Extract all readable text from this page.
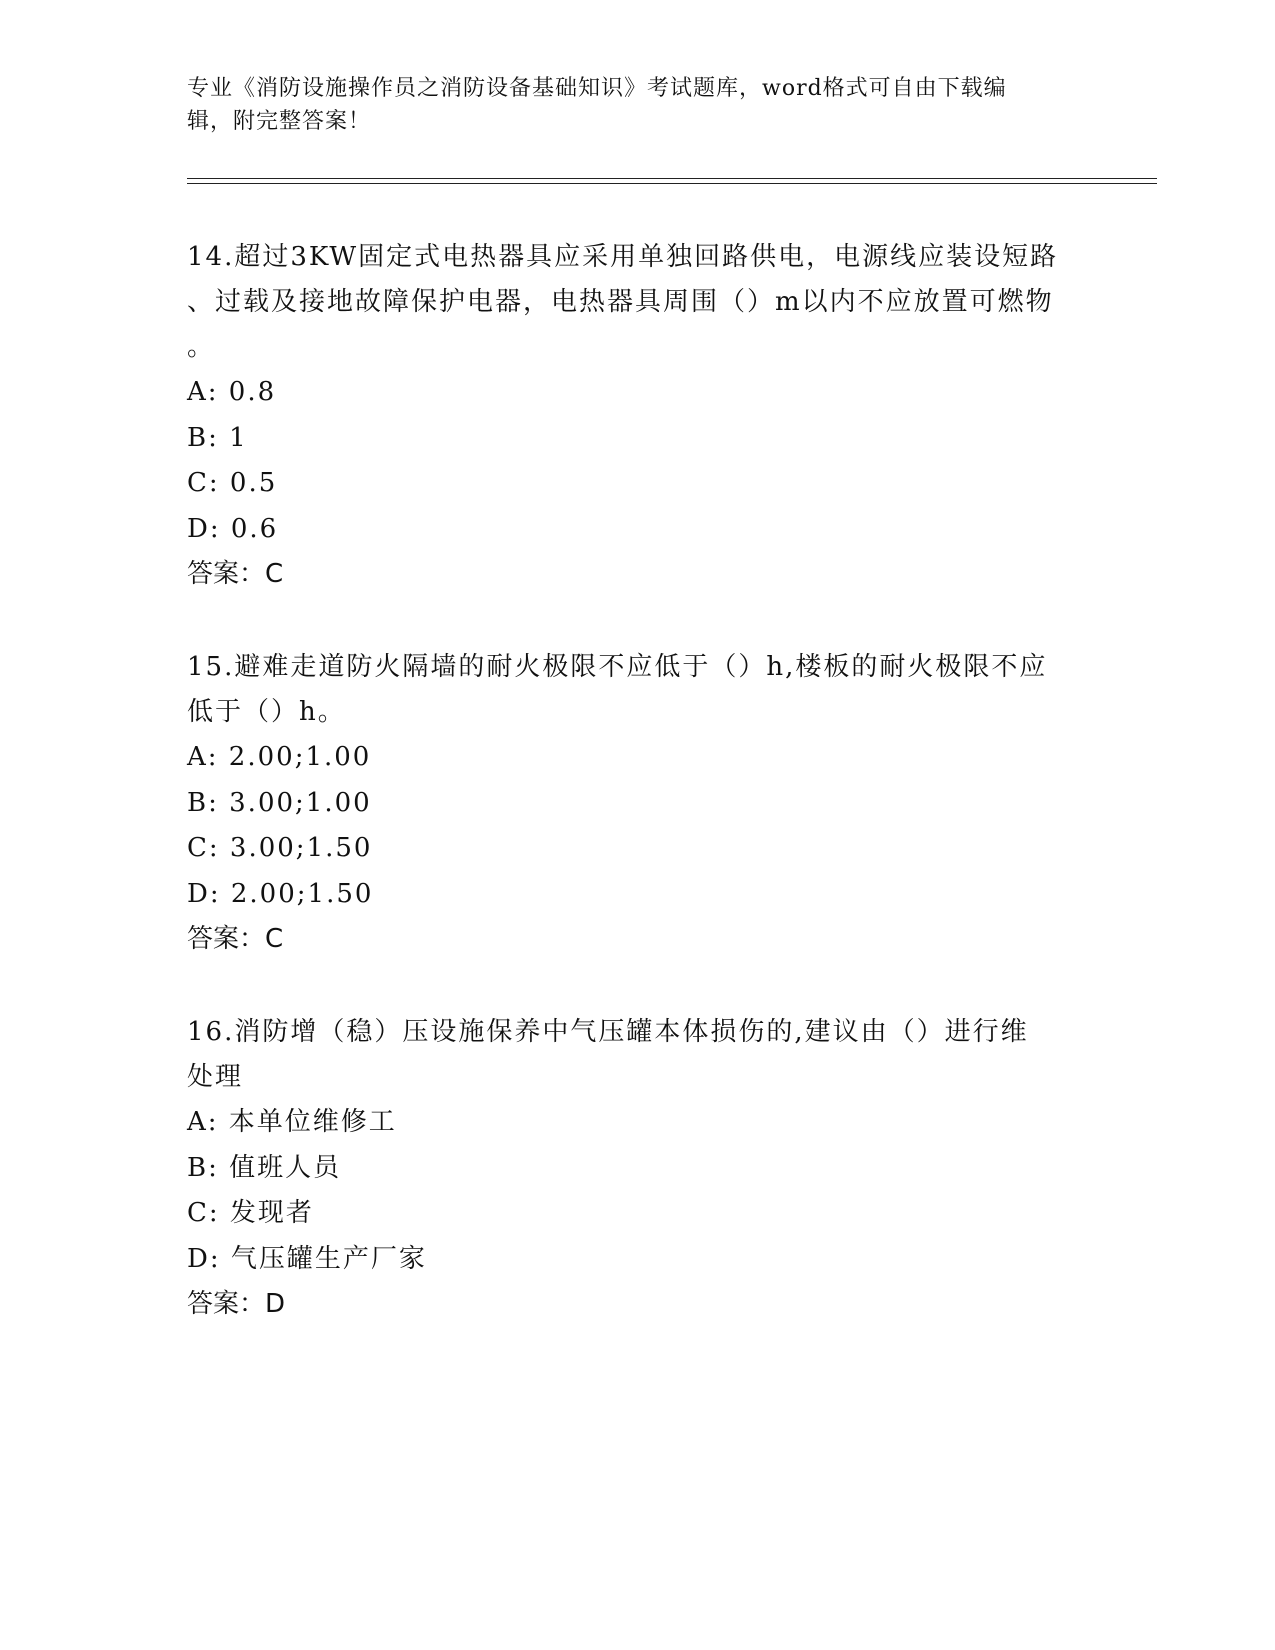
专业《消防设施操作员之消防设备基础知识》考试题库，word格式可自由下载编
辑，附完整答案！
14.超过3KW固定式电热器具应采用单独回路供电，电源线应装设短路
、过载及接地故障保护电器，电热器具周围（）m以内不应放置可燃物
。
A: 0.8
B: 1
C: 0.5
D: 0.6
答案：C
15.避难走道防火隔墙的耐火极限不应低于（）h,楼板的耐火极限不应
低于（）h。
A: 2.00;1.00
B: 3.00;1.00
C: 3.00;1.50
D: 2.00;1.50
答案：C
16.消防增（稳）压设施保养中气压罐本体损伤的,建议由（）进行维
处理
A: 本单位维修工
B: 值班人员
C: 发现者
D: 气压罐生产厂家
答案：D
